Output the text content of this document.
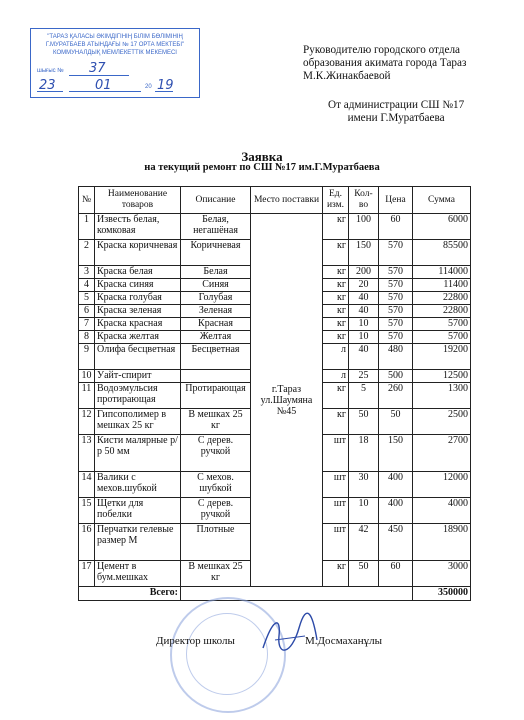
"ТАРАЗ ҚАЛАСЫ ӘКІМДІГІНІҢ БІЛІМ БӨЛІМІНІҢ
Г.МУРАТБАЕВ АТЫНДАҒЫ № 17 ОРТА МЕКТЕБІ"
КОММУНАЛДЫҚ МЕМЛЕКЕТТІК МЕКЕМЕСІ
шығыс № 37
23	01	20 19
Руководителю городского отдела
образования акимата города Тараз
М.К.Жинакбаевой
От администрации СШ №17
имени Г.Муратбаева
Заявка
на текущий ремонт по СШ №17 им.Г.Муратбаева
№	Наименование товаров	Описание	Место поставки	Ед. изм.	Кол-во	Цена	Сумма
1	Известь белая, комковая	Белая, негашёная	г.Тараз ул.Шаумяна №45	кг	100	60	6000
2	Краска коричневая	Коричневая		кг	150	570	85500
3	Краска белая	Белая		кг	200	570	114000
4	Краска синяя	Синяя		кг	20	570	11400
5	Краска голубая	Голубая		кг	40	570	22800
6	Краска зеленая	Зеленая		кг	40	570	22800
7	Краска красная	Красная		кг	10	570	5700
8	Краска желтая	Желтая		кг	10	570	5700
9	Олифа бесцветная	Бесцветная		л	40	480	19200
10	Уайт-спирит			л	25	500	12500
11	Водоэмульсия протирающая	Протирающая		кг	5	260	1300
12	Гипсополимер в мешках 25 кг	В мешках 25 кг		кг	50	50	2500
13	Кисти малярные р/р 50 мм	С дерев. ручкой		шт	18	150	2700
14	Валики с мехов.шубкой	С мехов. шубкой		шт	30	400	12000
15	Щетки для побелки	С дерев. ручкой		шт	10	400	4000
16	Перчатки гелевые размер М	Плотные		шт	42	450	18900
17	Цемент в бум.мешках	В мешках 25 кг		кг	50	60	3000
Всего:							350000
Директор школы	М.Досмаханұлы
